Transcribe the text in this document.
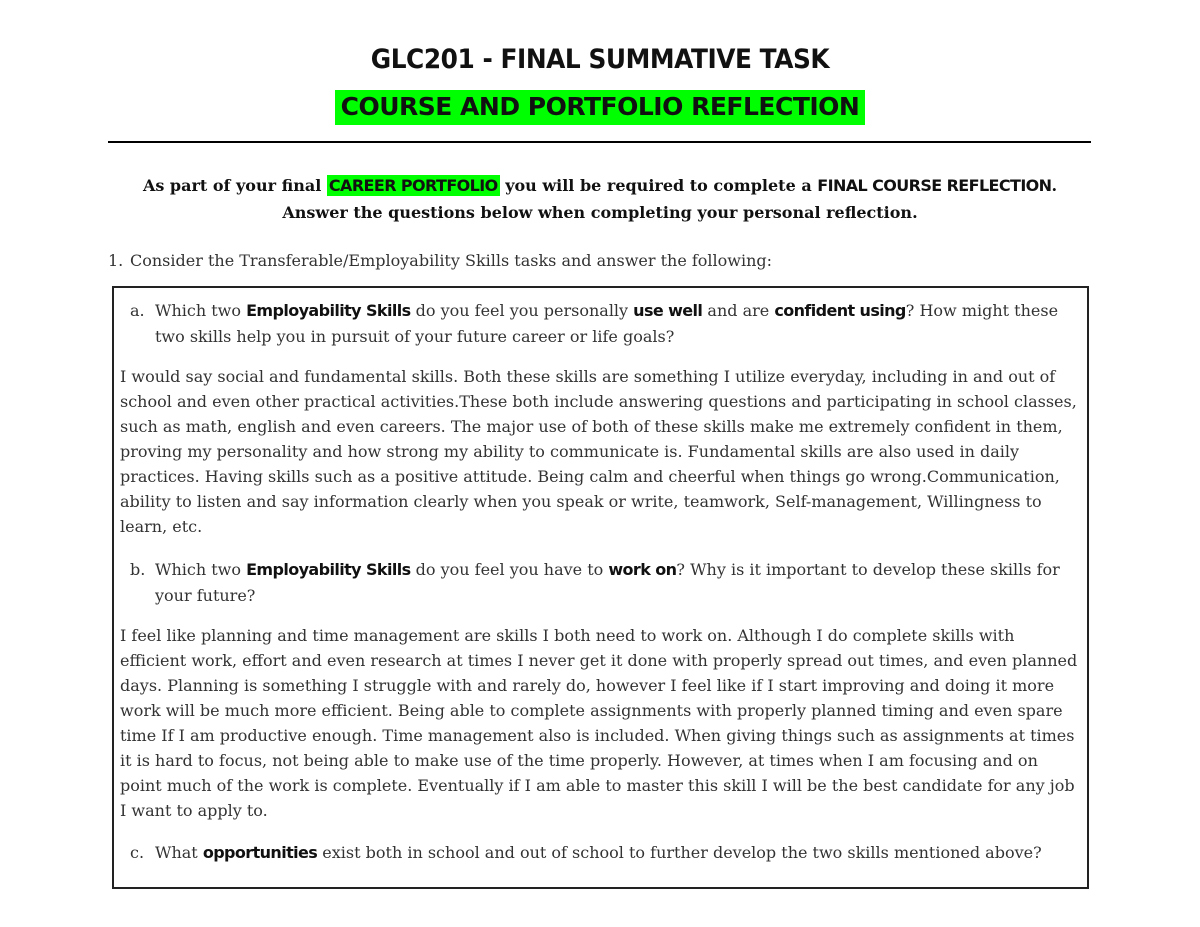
GLC201 - FINAL SUMMATIVE TASK
COURSE AND PORTFOLIO REFLECTION
As part of your final CAREER PORTFOLIO you will be required to complete a FINAL COURSE REFLECTION. Answer the questions below when completing your personal reflection.
1. Consider the Transferable/Employability Skills tasks and answer the following:
a. Which two Employability Skills do you feel you personally use well and are confident using? How might these two skills help you in pursuit of your future career or life goals?

I would say social and fundamental skills. Both these skills are something I utilize everyday, including in and out of school and even other practical activities.These both include answering questions and participating in school classes, such as math, english and even careers. The major use of both of these skills make me extremely confident in them, proving my personality and how strong my ability to communicate is. Fundamental skills are also used in daily practices. Having skills such as a positive attitude. Being calm and cheerful when things go wrong.Communication, ability to listen and say information clearly when you speak or write, teamwork, Self-management, Willingness to learn, etc.

b. Which two Employability Skills do you feel you have to work on? Why is it important to develop these skills for your future?

I feel like planning and time management are skills I both need to work on. Although I do complete skills with efficient work, effort and even research at times I never get it done with properly spread out times, and even planned days. Planning is something I struggle with and rarely do, however I feel like if I start improving and doing it more work will be much more efficient. Being able to complete assignments with properly planned timing and even spare time If I am productive enough. Time management also is included. When giving things such as assignments at times it is hard to focus, not being able to make use of the time properly. However, at times when I am focusing and on point much of the work is complete. Eventually if I am able to master this skill I will be the best candidate for any job I want to apply to.

c. What opportunities exist both in school and out of school to further develop the two skills mentioned above?
